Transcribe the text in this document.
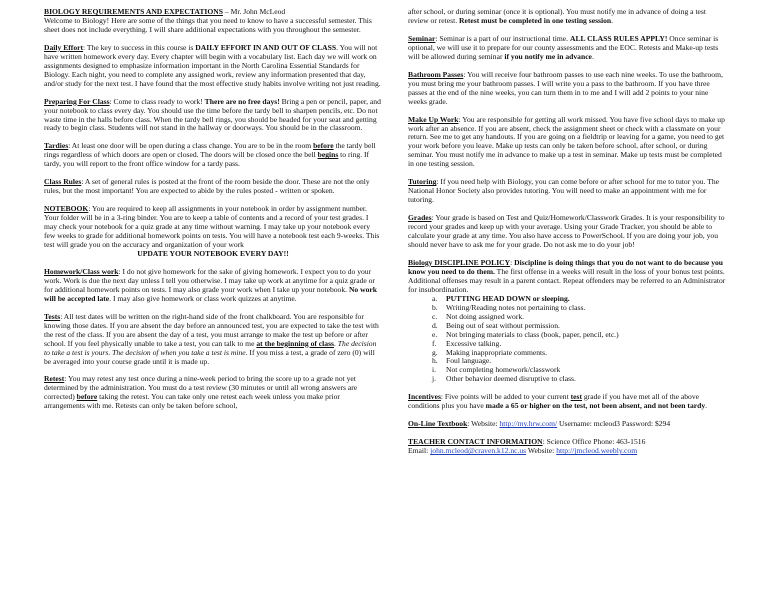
BIOLOGY REQUIREMENTS AND EXPECTATIONS – Mr. John McLeod
Welcome to Biology! Here are some of the things that you need to know to have a successful semester. This sheet does not include everything. I will share additional expectations with you throughout the semester.

Daily Effort: The key to success in this course is DAILY EFFORT IN AND OUT OF CLASS. You will not have written homework every day. Every chapter will begin with a vocabulary list. Each day we will work on assignments designed to emphasize information important in the North Carolina Essential Standards for Biology. Each night, you need to complete any assigned work, review any information presented that day, and/or study for the next test. I have found that the most effective study habits involve writing not just reading.

Preparing For Class: Come to class ready to work! There are no free days! Bring a pen or pencil, paper, and your notebook to class every day. You should use the time before the tardy bell to sharpen pencils, etc. Do not waste time in the halls before class. When the tardy bell rings, you should be headed for your seat and getting ready to begin class. Students will not stand in the hallway or doorways. You should be in the classroom.

Tardies: At least one door will be open during a class change. You are to be in the room before the tardy bell rings regardless of which doors are open or closed. The doors will be closed once the bell begins to ring. If tardy, you will report to the front office window for a tardy pass.

Class Rules: A set of general rules is posted at the front of the room beside the door. These are not the only rules, but the most important! You are expected to abide by the rules posted - written or spoken.

NOTEBOOK: You are required to keep all assignments in your notebook in order by assignment number. Your folder will be in a 3-ring binder. You are to keep a table of contents and a record of your test grades. I may check your notebook for a quiz grade at any time without warning. I may take up your notebook every few weeks to grade for additional homework points on tests. You will have a notebook test each 9-weeks. This test will grade you on the accuracy and organization of your work
UPDATE YOUR NOTEBOOK EVERY DAY!!

Homework/Class work: I do not give homework for the sake of giving homework. I expect you to do your work. Work is due the next day unless I tell you otherwise. I may take up work at anytime for a quiz grade or for additional homework points on tests. I may also grade your work when I take up your notebook. No work will be accepted late. I may also give homework or class work quizzes at anytime.

Tests: All test dates will be written on the right-hand side of the front chalkboard. You are responsible for knowing those dates. If you are absent the day before an announced test, you are expected to take the test with the rest of the class. If you are absent the day of a test, you must arrange to make the test up before or after school. If you feel physically unable to take a test, you can talk to me at the beginning of class. The decision to take a test is yours. The decision of when you take a test is mine. If you miss a test, a grade of zero (0) will be averaged into your course grade until it is made up.

Retest: You may retest any test once during a nine-week period to bring the score up to a grade not yet determined by the administration. You must do a test review (30 minutes or until all wrong answers are corrected) before taking the retest. You can take only one retest each week unless you make prior arrangements with me. Retests can only be taken before school,

after school, or during seminar (once it is optional). You must notify me in advance of doing a test review or retest. Retest must be completed in one testing session.

Seminar: Seminar is a part of our instructional time. ALL CLASS RULES APPLY! Once seminar is optional, we will use it to prepare for our county assessments and the EOC. Retests and Make-up tests will be allowed during seminar if you notify me in advance.

Bathroom Passes: You will receive four bathroom passes to use each nine weeks. To use the bathroom, you must bring me your bathroom passes. I will write you a pass to the bathroom. If you have three passes at the end of the nine weeks, you can turn them in to me and I will add 2 points to your nine weeks grade.

Make Up Work: You are responsible for getting all work missed. You have five school days to make up work after an absence. If you are absent, check the assignment sheet or check with a classmate on your return. See me to get any handouts. If you are going on a fieldtrip or leaving for a game, you need to get your work before you leave. Make up tests can only be taken before school, after school, or during seminar. You must notify me in advance to make up a test in seminar. Make up tests must be completed in one testing session.

Tutoring: If you need help with Biology, you can come before or after school for me to tutor you. The National Honor Society also provides tutoring. You will need to make an appointment with me for tutoring.

Grades: Your grade is based on Test and Quiz/Homework/Classwork Grades. It is your responsibility to record your grades and keep up with your average. Using your Grade Tracker, you should be able to calculate your grade at any time. You also have access to PowerSchool. If you are doing your job, you should never have to ask me for your grade. Do not ask me to do your job!

Biology DISCIPLINE POLICY: Discipline is doing things that you do not want to do because you know you need to do them. The first offense in a weeks will result in the loss of your bonus test points. Additional offenses may result in a parent contact. Repeat offenders may be referred to an Administrator for insubordination.

a. PUTTING HEAD DOWN or sleeping.
b. Writing/Reading notes not pertaining to class.
c. Not doing assigned work.
d. Being out of seat without permission.
e. Not bringing materials to class (book, paper, pencil, etc.)
f. Excessive talking.
g. Making inappropriate comments.
h. Foul language.
i. Not completing homework/classwork
j. Other behavior deemed disruptive to class.

Incentives: Five points will be added to your current test grade if you have met all of the above conditions plus you have made a 65 or higher on the test, not been absent, and not been tardy.

On-Line Textbook: Website: http://my.hrw.com/ Username: mcleod3 Password: $294

TEACHER CONTACT INFORMATION: Science Office Phone: 463-1516
Email: john.mcleod@craven.k12.nc.us Website: http://jmcleod.weebly.com
